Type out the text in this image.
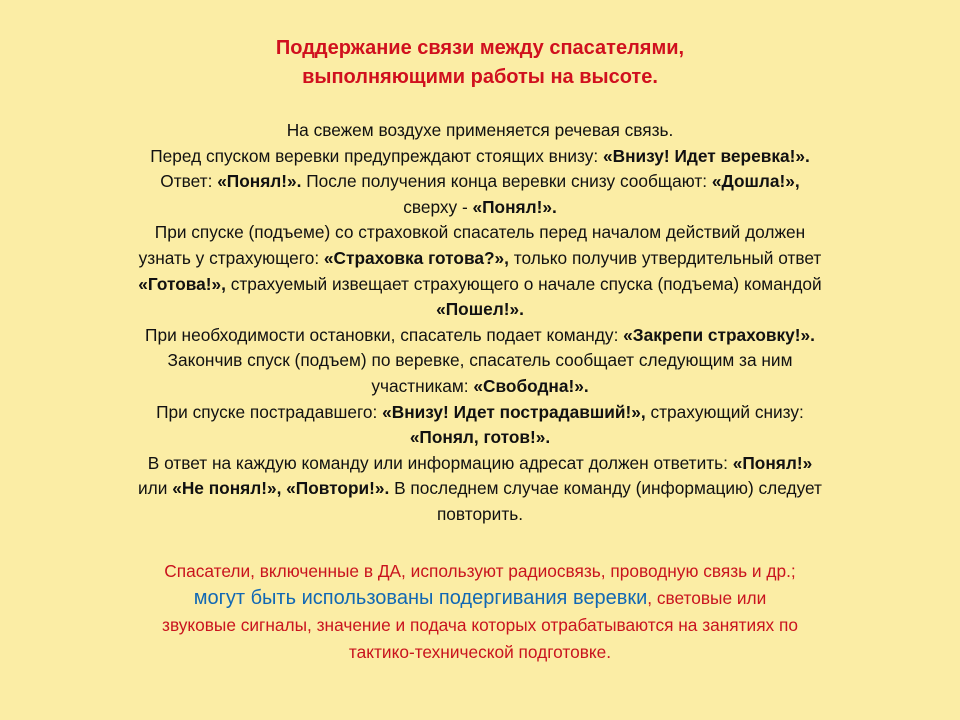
Поддержание связи между спасателями,
выполняющими работы на высоте.
На свежем воздухе применяется речевая связь.
Перед спуском веревки предупреждают стоящих внизу: «Внизу! Идет веревка!».
Ответ: «Понял!». После получения конца веревки снизу сообщают: «Дошла!»,
сверху - «Понял!».
При спуске (подъеме) со страховкой спасатель перед началом действий должен
узнать у страхующего: «Страховка готова?», только получив утвердительный ответ
«Готова!», страхуемый извещает страхующего о начале спуска (подъема) командой
«Пошел!».
При необходимости остановки, спасатель подает команду: «Закрепи страховку!».
Закончив спуск (подъем) по веревке, спасатель сообщает следующим за ним
участникам: «Свободна!».
При спуске пострадавшего: «Внизу! Идет пострадавший!», страхующий снизу:
«Понял, готов!».
В ответ на каждую команду или информацию адресат должен ответить: «Понял!»
или «Не понял!», «Повтори!». В последнем случае команду (информацию) следует
повторить.
Спасатели, включенные в ДА, используют радиосвязь, проводную связь и др.;
могут быть использованы подергивания веревки, световые или
звуковые сигналы, значение и подача которых отрабатываются на занятиях по
тактико-технической подготовке.
